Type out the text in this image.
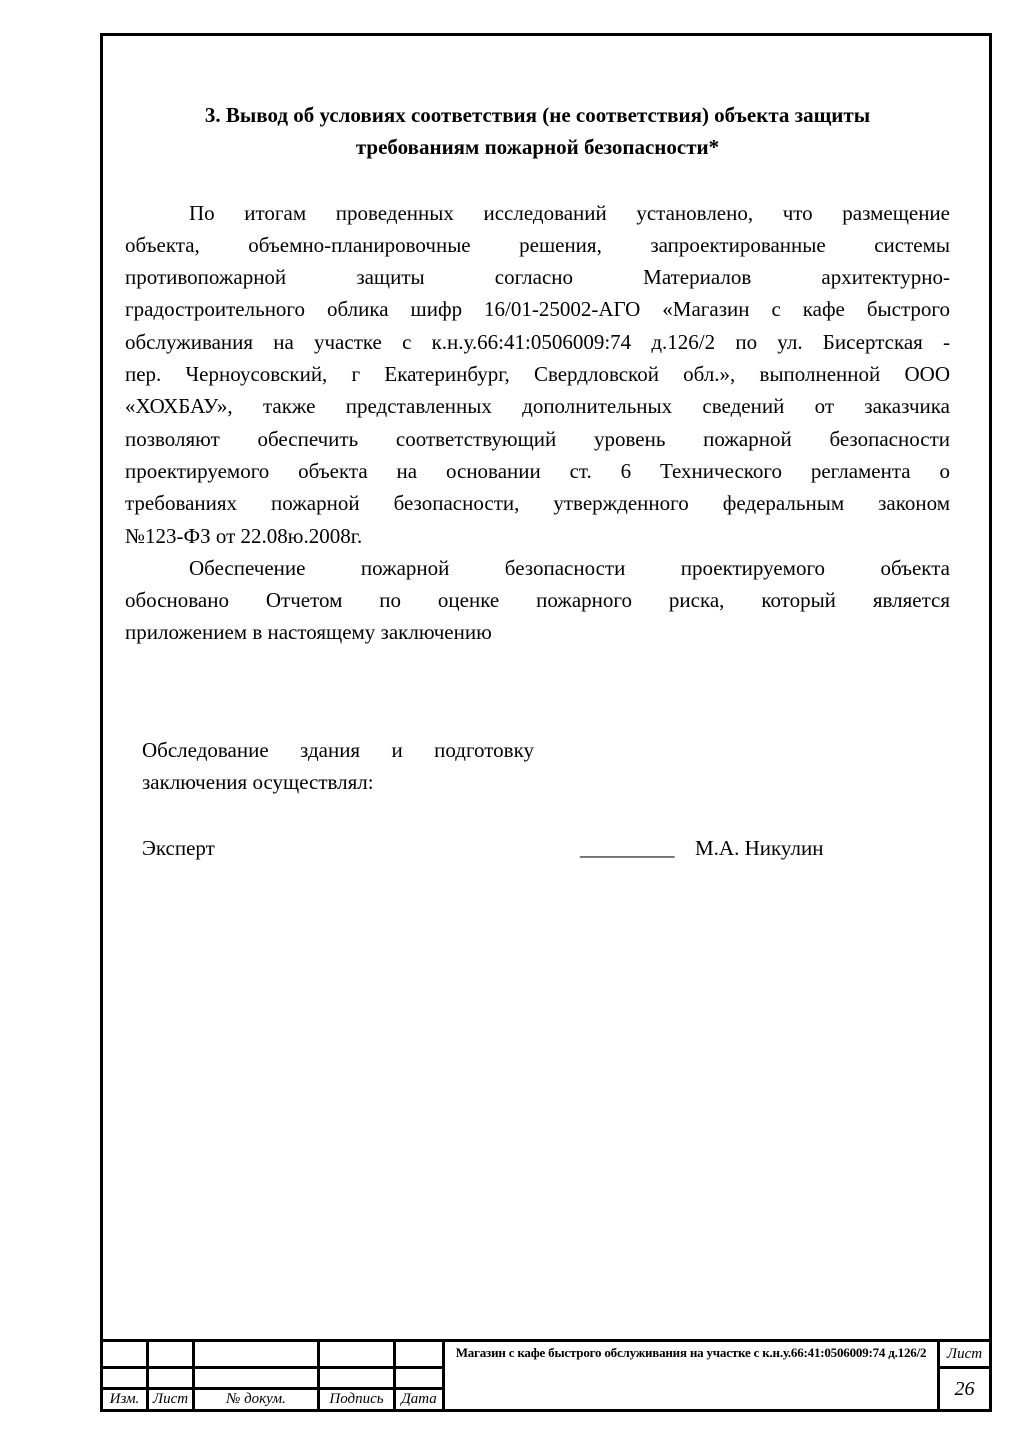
3. Вывод об условиях соответствия (не соответствия) объекта защиты
требованиям пожарной безопасности*
По итогам проведенных исследований установлено, что размещение
объекта, объемно-планировочные решения, запроектированные системы
противопожарной защиты согласно Материалов архитектурно-
градостроительного облика шифр 16/01-25002-АГО «Магазин с кафе быстрого
обслуживания на участке с к.н.у.66:41:0506009:74 д.126/2 по ул. Бисертская -
пер. Черноусовский, г Екатеринбург, Свердловской обл.», выполненной ООО
«ХОХБАУ», также представленных дополнительных сведений от заказчика
позволяют обеспечить соответствующий уровень пожарной безопасности
проектируемого объекта на основании ст. 6 Технического регламента о
требованиях пожарной безопасности, утвержденного федеральным законом
№123-ФЗ от 22.08ю.2008г.
Обеспечение пожарной безопасности проектируемого объекта
обосновано Отчетом по оценке пожарного риска, который является
приложением в настоящему заключению
Обследование здания и подготовку
заключения осуществлял:
Эксперт	_________ М.А. Никулин
Магазин с кафе быстрого обслуживания на участке с к.н.у.66:41:0506009:74 д.126/2 Лист
26
Изм. Лист	№ докум.	Подпись Дата
